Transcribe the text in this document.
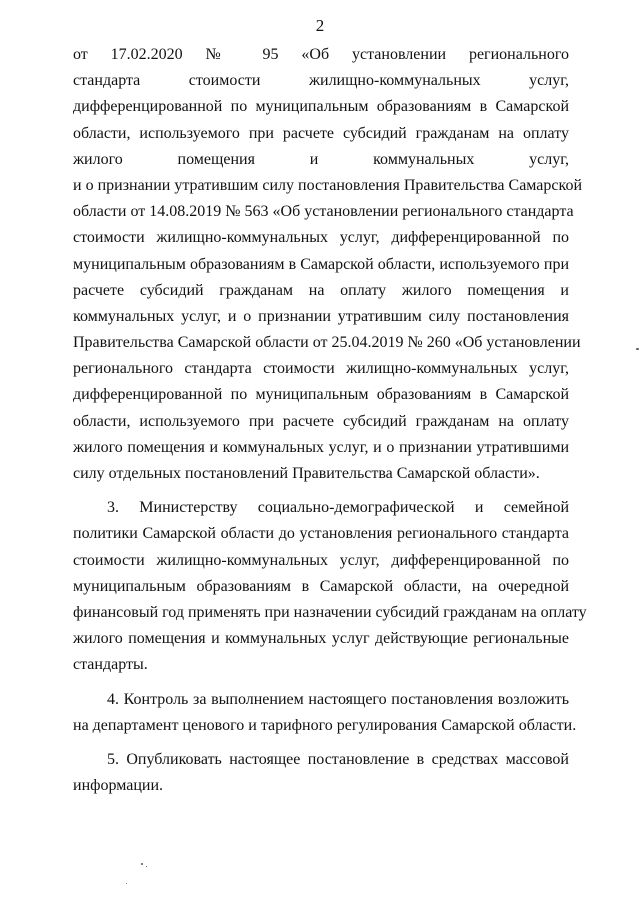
2
от 17.02.2020 № 95 «Об установлении регионального
стандарта стоимости жилищно-коммунальных услуг,
дифференцированной по муниципальным образованиям в Самарской
области, используемого при расчете субсидий гражданам на оплату
жилого помещения и коммунальных услуг,
и о признании утратившим силу постановления Правительства Самарской
области от 14.08.2019 № 563 «Об установлении регионального стандарта
стоимости жилищно-коммунальных услуг, дифференцированной по
муниципальным образованиям в Самарской области, используемого при
расчете субсидий гражданам на оплату жилого помещения и
коммунальных услуг, и о признании утратившим силу постановления
Правительства Самарской области от 25.04.2019 № 260 «Об установлении
регионального стандарта стоимости жилищно-коммунальных услуг,
дифференцированной по муниципальным образованиям в Самарской
области, используемого при расчете субсидий гражданам на оплату
жилого помещения и коммунальных услуг, и о признании утратившими
силу отдельных постановлений Правительства Самарской области».
3. Министерству социально-демографической и семейной
политики Самарской области до установления регионального стандарта
стоимости жилищно-коммунальных услуг, дифференцированной по
муниципальным образованиям в Самарской области, на очередной
финансовый год применять при назначении субсидий гражданам на оплату
жилого помещения и коммунальных услуг действующие региональные
стандарты.
4. Контроль за выполнением настоящего постановления возложить
на департамент ценового и тарифного регулирования Самарской области.
5. Опубликовать настоящее постановление в средствах массовой
информации.
